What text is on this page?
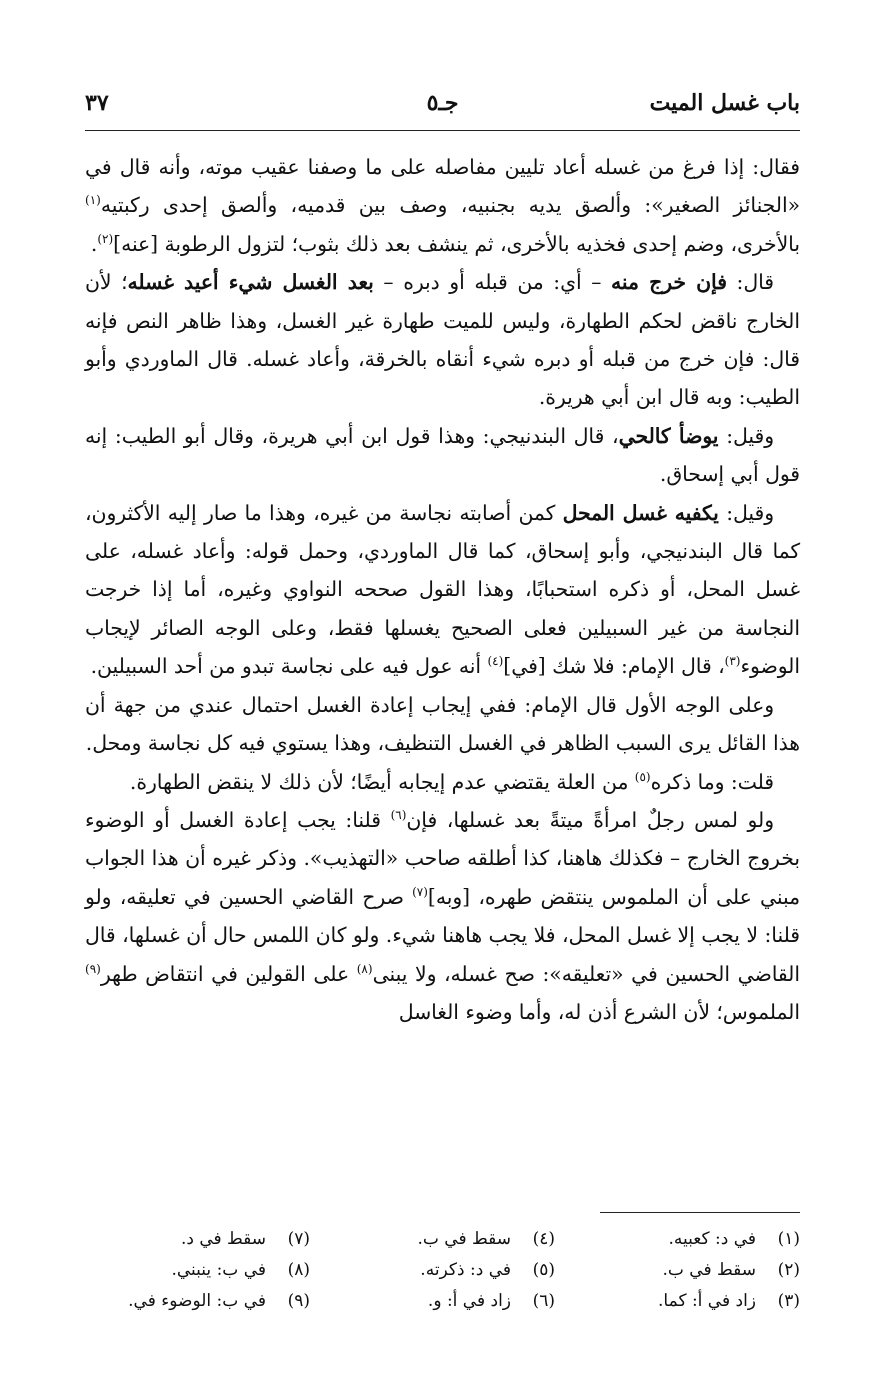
باب غسل الميت
جـ٥
٣٧

فقال: إذا فرغ من غسله أعاد تليين مفاصله على ما وصفنا عقيب موته، وأنه قال في «الجنائز الصغير»: وألصق يديه بجنبيه، وصف بين قدميه، وألصق إحدى ركبتيه$^{(١)}$ بالأخرى، وضم إحدى فخذيه بالأخرى، ثم ينشف بعد ذلك بثوب؛ لتزول الرطوبة [عنه]$^{(٢)}$.

قال: فإن خرج منه – أي: من قبله أو دبره – بعد الغسل شيء أعيد غسله؛ لأن الخارج ناقض لحكم الطهارة، وليس للميت طهارة غير الغسل، وهذا ظاهر النص فإنه قال: فإن خرج من قبله أو دبره شيء أنقاه بالخرقة، وأعاد غسله. قال الماوردي وأبو الطيب: وبه قال ابن أبي هريرة.

وقيل: يوضأ كالحي، قال البندنيجي: وهذا قول ابن أبي هريرة، وقال أبو الطيب: إنه قول أبي إسحاق.

وقيل: يكفيه غسل المحل كمن أصابته نجاسة من غيره، وهذا ما صار إليه الأكثرون، كما قال البندنيجي، وأبو إسحاق، كما قال الماوردي، وحمل قوله: وأعاد غسله، على غسل المحل، أو ذكره استحبابًا، وهذا القول صححه النواوي وغيره، أما إذا خرجت النجاسة من غير السبيلين فعلى الصحيح يغسلها فقط، وعلى الوجه الصائر لإيجاب الوضوء$^{(٣)}$، قال الإمام: فلا شك [في]$^{(٤)}$ أنه عول فيه على نجاسة تبدو من أحد السبيلين.

وعلى الوجه الأول قال الإمام: ففي إيجاب إعادة الغسل احتمال عندي من جهة أن هذا القائل يرى السبب الظاهر في الغسل التنظيف، وهذا يستوي فيه كل نجاسة ومحل.

قلت: وما ذكره$^{(٥)}$ من العلة يقتضي عدم إيجابه أيضًا؛ لأن ذلك لا ينقض الطهارة.

ولو لمس رجلٌ امرأةً ميتةً بعد غسلها، فإن$^{(٦)}$ قلنا: يجب إعادة الغسل أو الوضوء بخروج الخارج – فكذلك هاهنا، كذا أطلقه صاحب «التهذيب». وذكر غيره أن هذا الجواب مبني على أن الملموس ينتقض طهره، [وبه]$^{(٧)}$ صرح القاضي الحسين في تعليقه، ولو قلنا: لا يجب إلا غسل المحل، فلا يجب هاهنا شيء. ولو كان اللمس حال أن غسلها، قال القاضي الحسين في «تعليقه»: صح غسله، ولا يبنى$^{(٨)}$ على القولين في انتقاض طهر$^{(٩)}$ الملموس؛ لأن الشرع أذن له، وأما وضوء الغاسل

(١)في د: كعبيه.
(٢)سقط في ب.
(٣)زاد في أ: كما.
(٤)سقط في ب.
(٥)في د: ذكرته.
(٦)زاد في أ: و.
(٧)سقط في د.
(٨)في ب: ينبني.
(٩)في ب: الوضوء في.
